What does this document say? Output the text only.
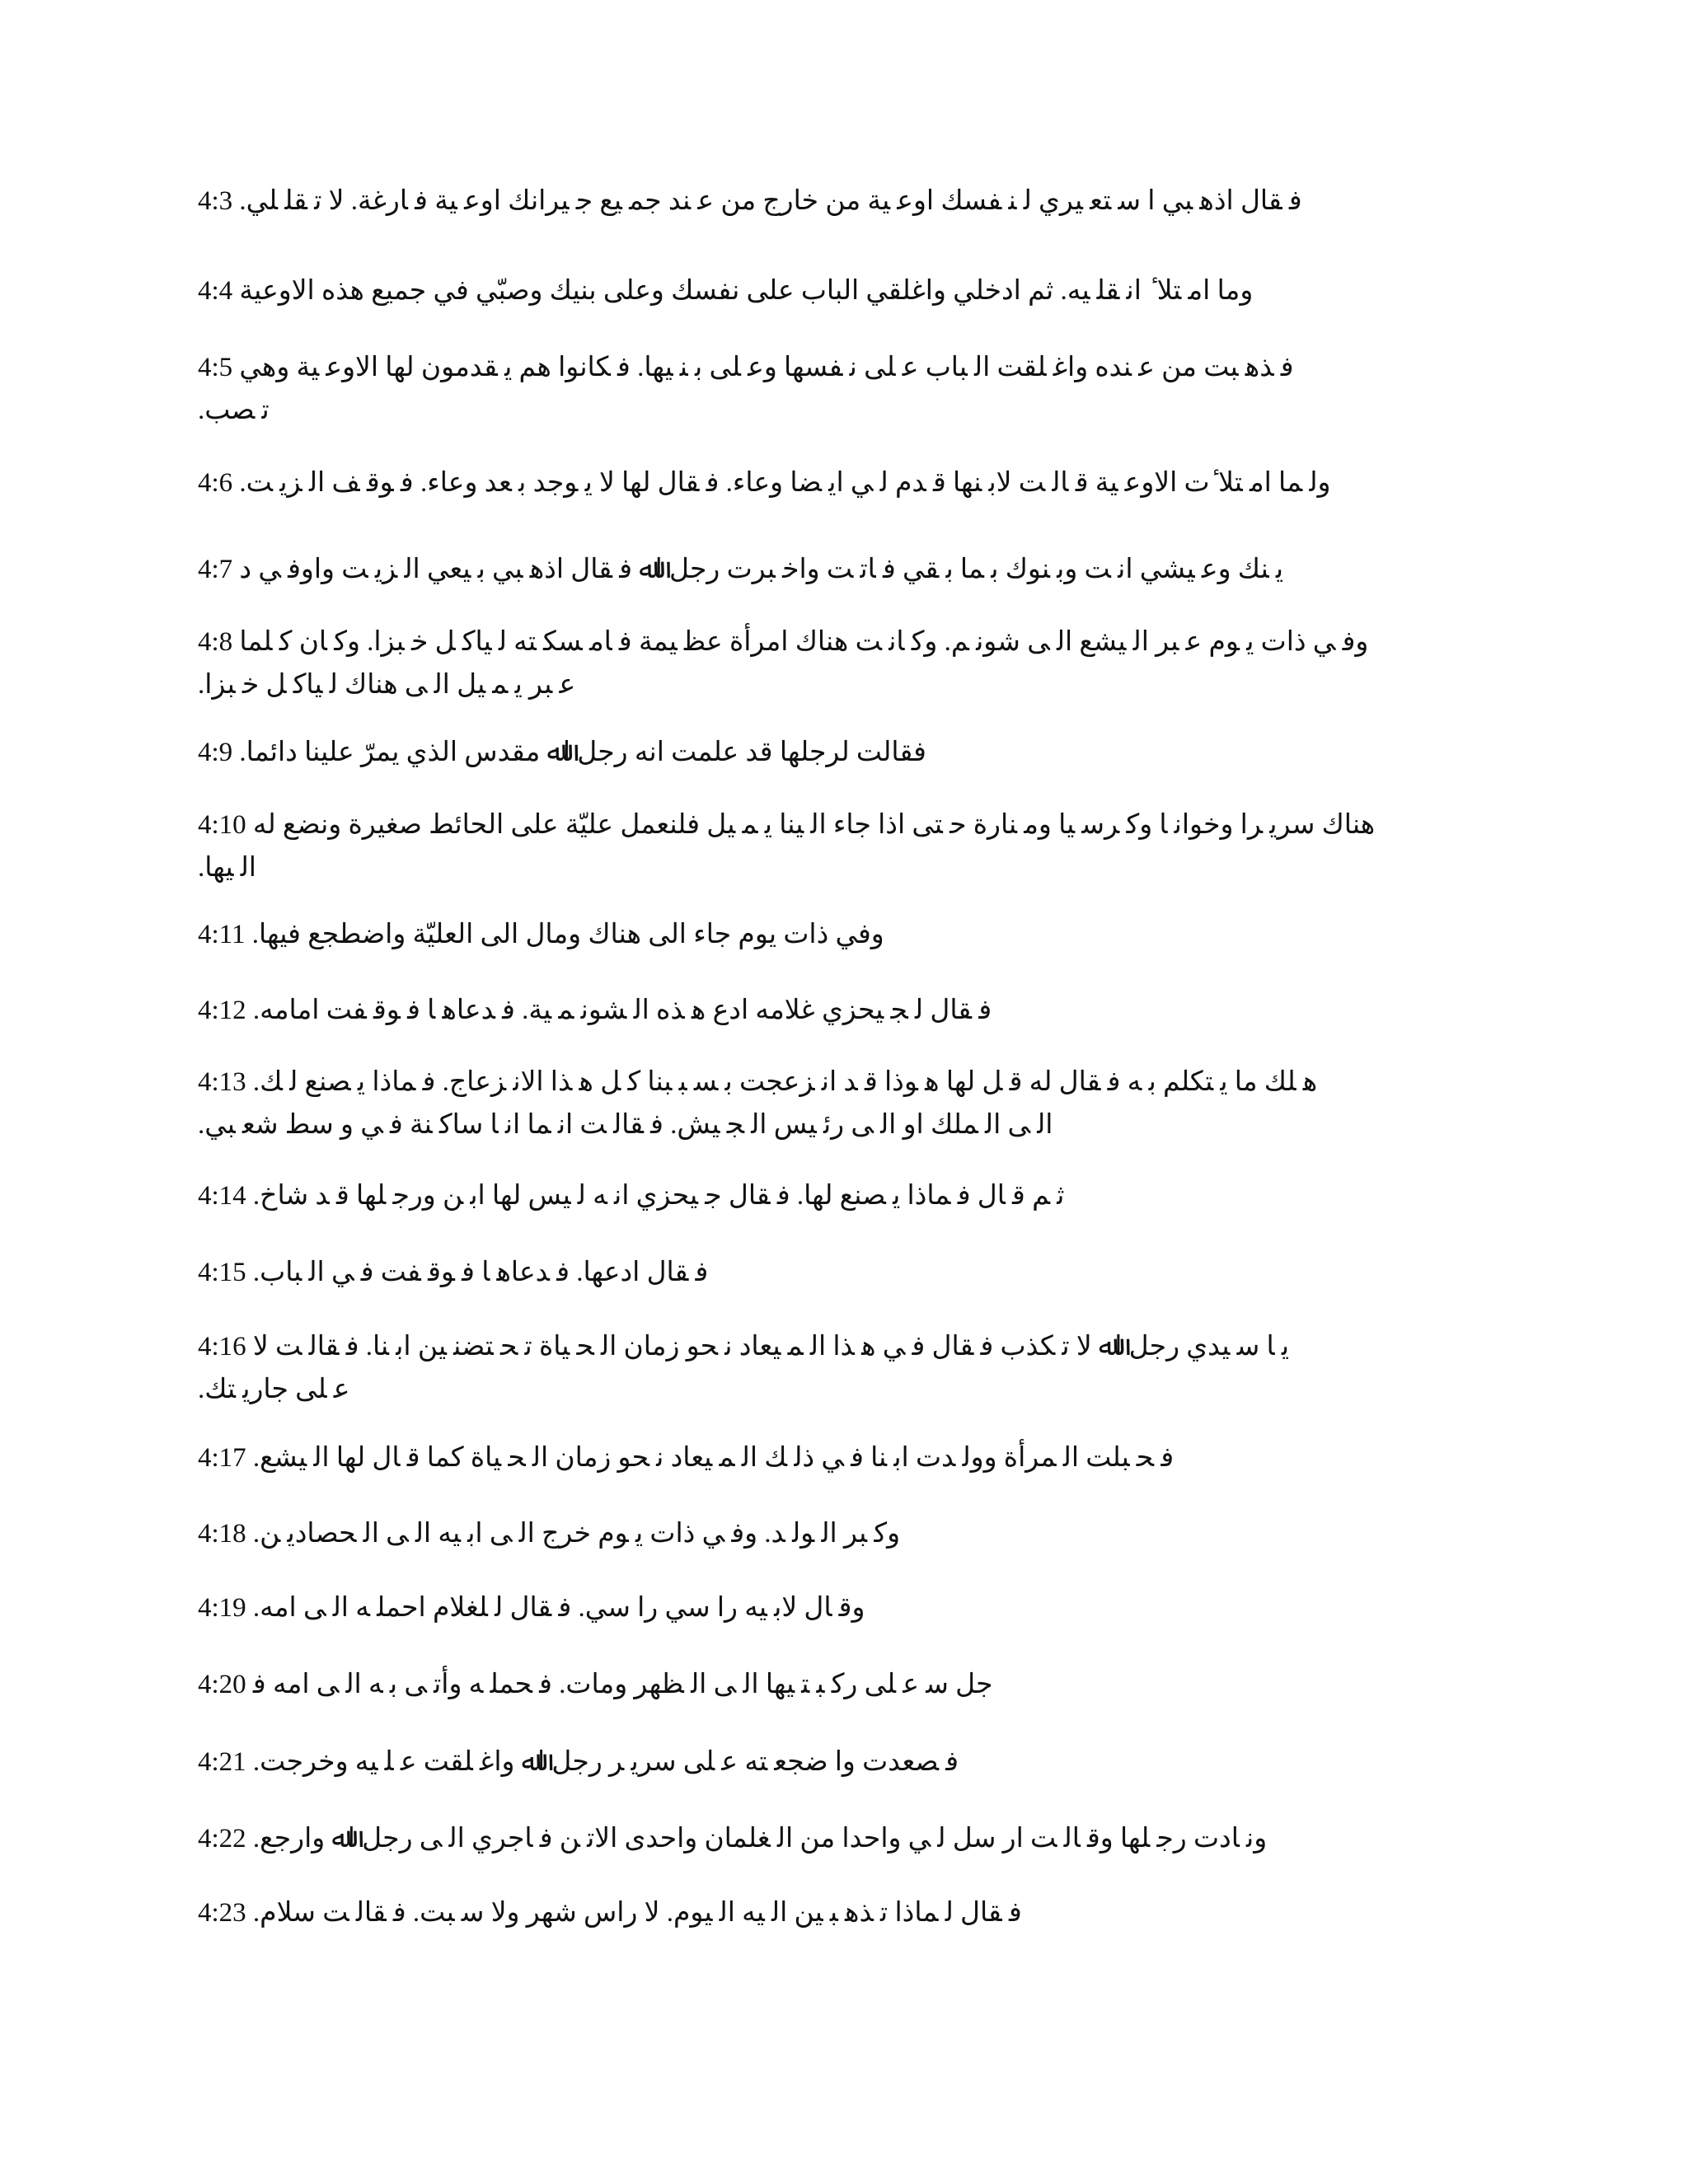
4:3 ﻓ ﻘﺎل اذﻫ ﺒﻲ ا ﺳ ﺘﻌ ﻴﺮي ﻟ ﻨ ﻔﺴﻚ اوﻋ ﻴﺔ ﻣﻦ ﺧﺎرج ﻣﻦ ﻋ ﻨﺪ ﺟﻤ ﻴﻊ ﺟ ﻴﺮاﻧﻚ اوﻋ ﻴﺔ ﻓ ﺎرﻏﺔ. ﻻ ﺗ ﻘﻠ ﻠﻲ.
4:4 وﻣﺎ اﻣ ﺘﻼ ٔ اﻧ ﻘﻠ ﻴﻪ. ﺛﻢ ادﺧﻠﻲ واﻏﻠﻘﻲ اﻟﺒﺎب ﻋﻠﻰ ﻧﻔﺴﻚ وﻋﻠﻰ ﺑﻨﻴﻚ وﺻﺒّﻲ ﻓﻲ ﺟﻤﻴﻊ ﻫﺬه اﻻوﻋﻴﺔ
4:5 ﻓ ﺬﻫ ﺒﺖ ﻣﻦ ﻋ ﻨﺪه واﻏ ﻠﻘﺖ اﻟ ﺒﺎب ﻋ ﻠﻰ ﻧ ﻔﺴﻬﺎ وﻋ ﻠﻰ ﺑ ﻨ ﻴﻬﺎ. ﻓ ﻜﺎﻧﻮا ﻫﻢ ﻳ ﻘﺪﻣﻮن ﻟﻬﺎ اﻻوﻋ ﻴﺔ وﻫﻲ
ﺗ ﺼﺐ.
4:6 وﻟ ﻤﺎ اﻣ ﺘﻼ ٔت اﻻوﻋ ﻴﺔ ﻗ ﺎﻟ ﺖ ﻻﺑ ﻨﻬﺎ ﻗ ﺪم ﻟ ﻲ اﻳ ﻀﺎ وﻋﺎء. ﻓ ﻘﺎل ﻟﻬﺎ ﻻ ﻳ ﻮﺟﺪ ﺑ ﻌﺪ وﻋﺎء. ﻓ ﻮﻗ ﻒ اﻟ ﺰﻳ ﺖ.
4:7 ﻳ ﻨﻚ وﻋ ﻴﺸﻲ اﻧ ﺖ وﺑ ﻨﻮك ﺑ ﻤﺎ ﺑ ﻘﻲ ﻓ ﺎﺗ ﺖ واﺧ ﺒﺮت رﺟﻞ اﷲ ﻓ ﻘﺎل اذﻫ ﺒﻲ ﺑ ﻴﻌﻲ اﻟ ﺰﻳ ﺖ واوﻓ ﻲ د
4:8 وﻓ ﻲ ذات ﻳ ﻮم ﻋ ﺒﺮ اﻟ ﻴﺸﻊ اﻟ ﻰ ﺷﻮﻧ ﻢ. وﻛ ﺎﻧ ﺖ ﻫﻨﺎك اﻣﺮأة ﻋﻈ ﻴﻤﺔ ﻓ ﺎﻣ ﺴﻜ ﺘﻪ ﻟ ﻴﺎﻛ ﻞ ﺧ ﺒﺰا. وﻛ ﺎن ﻛ ﻠﻤﺎ
ﻋ ﺒﺮ ﻳ ﻤ ﻴﻞ اﻟ ﻰ ﻫﻨﺎك ﻟ ﻴﺎﻛ ﻞ ﺧ ﺒﺰا.
4:9 ﻓﻘﺎﻟﺖ ﻟﺮﺟﻠﻬﺎ ﻗﺪ ﻋﻠﻤﺖ اﻧﻪ رﺟﻞ اﷲ ﻣﻘﺪس اﻟﺬي ﻳﻤﺮّ ﻋﻠﻴﻨﺎ داﺋﻤﺎ.
4:10 ﻫﻨﺎك ﺳﺮﻳ ﺮا وﺧﻮاﻧ ﺎ وﻛ ﺮﺳ ﻴﺎ وﻣ ﻨﺎرة ﺣ ﺘﻰ اذا ﺟﺎء اﻟ ﻴﻨﺎ ﻳ ﻤ ﻴﻞ ﻓﻠﻨﻌﻤﻞ ﻋﻠﻴّﺔ ﻋﻠﻰ اﻟﺤﺎﺋﻂ ﺻﻐﻴﺮة وﻧﻀﻊ ﻟﻪ
اﻟ ﻴﻬﺎ.
4:11 وﻓﻲ ذات ﻳﻮم ﺟﺎء اﻟﻰ ﻫﻨﺎك وﻣﺎل اﻟﻰ اﻟﻌﻠﻴّﺔ واﺿﻄﺠﻊ ﻓﻴﻬﺎ.
4:12 ﻓ ﻘﺎل ﻟ ﺠ ﻴﺤﺰي ﻏﻼﻣﻪ ادع ﻫ ﺬه اﻟ ﺸﻮﻧ ﻤ ﻴﺔ. ﻓ ﺪﻋﺎﻫ ﺎ ﻓ ﻮﻗ ﻔﺖ اﻣﺎﻣﻪ.
4:13 ﻫ ﻠﻚ ﻣﺎ ﻳ ﺘﻜﻠﻢ ﺑ ﻪ ﻓ ﻘﺎل ﻟﻪ ﻗ ﻞ ﻟﻬﺎ ﻫ ﻮذا ﻗ ﺪ اﻧ ﺰﻋﺠﺖ ﺑ ﺴ ﺒ ﺒﻨﺎ ﻛ ﻞ ﻫ ﺬا اﻻﻧ ﺰﻋﺎج. ﻓ ﻤﺎذا ﻳ ﺼﻨﻊ ﻟ ﻚ.
اﻟ ﻰ اﻟ ﻤﻠﻚ او اﻟ ﻰ رﺋ ﻴﺲ اﻟ ﺠ ﻴﺶ. ﻓ ﻘﺎﻟ ﺖ اﻧ ﻤﺎ اﻧ ﺎ ﺳﺎﻛ ﻨﺔ ﻓ ﻲ و ﺳﻂ ﺷﻌ ﺒﻲ.
4:14 ﺛ ﻢ ﻗ ﺎل ﻓ ﻤﺎذا ﻳ ﺼﻨﻊ ﻟﻬﺎ. ﻓ ﻘﺎل ﺟ ﻴﺤﺰي اﻧ ﻪ ﻟ ﻴﺲ ﻟﻬﺎ اﺑ ﻦ ورﺟ ﻠﻬﺎ ﻗ ﺪ ﺷﺎخ.
4:15 ﻓ ﻘﺎل ادﻋﻬﺎ. ﻓ ﺪﻋﺎﻫ ﺎ ﻓ ﻮﻗ ﻔﺖ ﻓ ﻲ اﻟ ﺒﺎب.
4:16 ﻳ ﺎ ﺳ ﻴﺪي رﺟﻞ اﷲ ﻻ ﺗ ﻜﺬب ﻓ ﻘﺎل ﻓ ﻲ ﻫ ﺬا اﻟ ﻤ ﻴﻌﺎد ﻧ ﺤﻮ زﻣﺎن اﻟ ﺤ ﻴﺎة ﺗ ﺤ ﺘﻀﻨ ﻴﻦ اﺑ ﻨﺎ. ﻓ ﻘﺎﻟ ﺖ ﻻ
ﻋ ﻠﻰ ﺟﺎرﻳ ﺘﻚ.
4:17 ﻓ ﺤ ﺒﻠﺖ اﻟ ﻤﺮأة ووﻟ ﺪت اﺑ ﻨﺎ ﻓ ﻲ ذﻟ ﻚ اﻟ ﻤ ﻴﻌﺎد ﻧ ﺤﻮ زﻣﺎن اﻟ ﺤ ﻴﺎة ﻛﻤﺎ ﻗ ﺎل ﻟﻬﺎ اﻟ ﻴﺸﻊ.
4:18 وﻛ ﺒﺮ اﻟ ﻮﻟ ﺪ. وﻓ ﻲ ذات ﻳ ﻮم ﺧﺮج اﻟ ﻰ اﺑ ﻴﻪ اﻟ ﻰ اﻟ ﺤﺼﺎدﻳ ﻦ.
4:19 وﻗ ﺎل ﻻﺑ ﻴﻪ را ﺳﻲ را ﺳﻲ. ﻓ ﻘﺎل ﻟ ﻠﻐﻼم اﺣﻤﻠ ﻪ اﻟ ﻰ اﻣﻪ.
4:20 ﺟﻞ ﺳ ﻋ ﻠﻰ رﻛ ﺒ ﺘ ﻴﻬﺎ اﻟ ﻰ اﻟ ﻈﻬﺮ وﻣﺎت. ﻓ ﺤﻤﻠ ﻪ وأﺗ ﻰ ﺑ ﻪ اﻟ ﻰ اﻣﻪ ﻓ
4:21 ﻓ ﺼﻌﺪت وا ﺿﺠﻌ ﺘﻪ ﻋ ﻠﻰ ﺳﺮﻳ ﺮ رﺟﻞ اﷲ واﻏ ﻠﻘﺖ ﻋ ﻠ ﻴﻪ وﺧﺮﺟﺖ.
4:22 وﻧ ﺎدت رﺟ ﻠﻬﺎ وﻗ ﺎﻟ ﺖ ار ﺳﻞ ﻟ ﻲ واﺣﺪا ﻣﻦ اﻟ ﻐﻠﻤﺎن واﺣﺪى اﻻﺗ ﻦ ﻓ ﺎﺟﺮي اﻟ ﻰ رﺟﻞ اﷲ وارﺟﻊ.
4:23 ﻓ ﻘﺎل ﻟ ﻤﺎذا ﺗ ﺬﻫ ﺒ ﻴﻦ اﻟ ﻴﻪ اﻟ ﻴﻮم. ﻻ راس ﺷﻬﺮ وﻻ ﺳ ﺒﺖ. ﻓ ﻘﺎﻟ ﺖ ﺳﻼم.
